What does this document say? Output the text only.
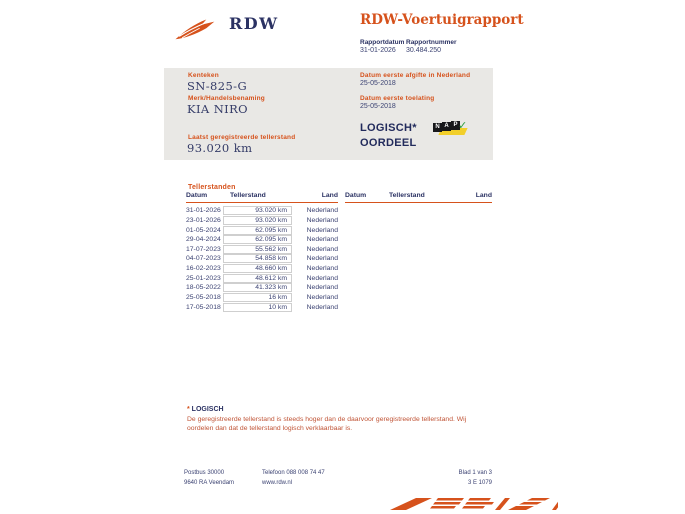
RDW	RDW-Voertuigrapport
Rapportdatum
31-01-2026
Rapportnummer
30.484.250
Kenteken
SN-825-G
Merk/Handelsbenaming
KIA NIRO
Laatst geregistreerde tellerstand
93.020 km
Datum eerste afgifte in Nederland
25-05-2018
Datum eerste toelating
25-05-2018
LOGISCH*
OORDEEL
N A P ✓
Tellerstanden
Datum	Tellerstand	Land
31-01-2026	93.020 km	Nederland
23-01-2026	93.020 km	Nederland
01-05-2024	62.095 km	Nederland
29-04-2024	62.095 km	Nederland
17-07-2023	55.562 km	Nederland
04-07-2023	54.858 km	Nederland
16-02-2023	48.660 km	Nederland
25-01-2023	48.612 km	Nederland
18-05-2022	41.323 km	Nederland
25-05-2018	16 km	Nederland
17-05-2018	10 km	Nederland
Datum	Tellerstand	Land
* LOGISCH
De geregistreerde tellerstand is steeds hoger dan de daarvoor geregistreerde tellerstand. Wij oordelen dan dat de tellerstand logisch verklaarbaar is.
Postbus 30000
9640 RA Veendam
Telefoon 088 008 74 47
www.rdw.nl
Blad 1 van 3
3 E 1079
